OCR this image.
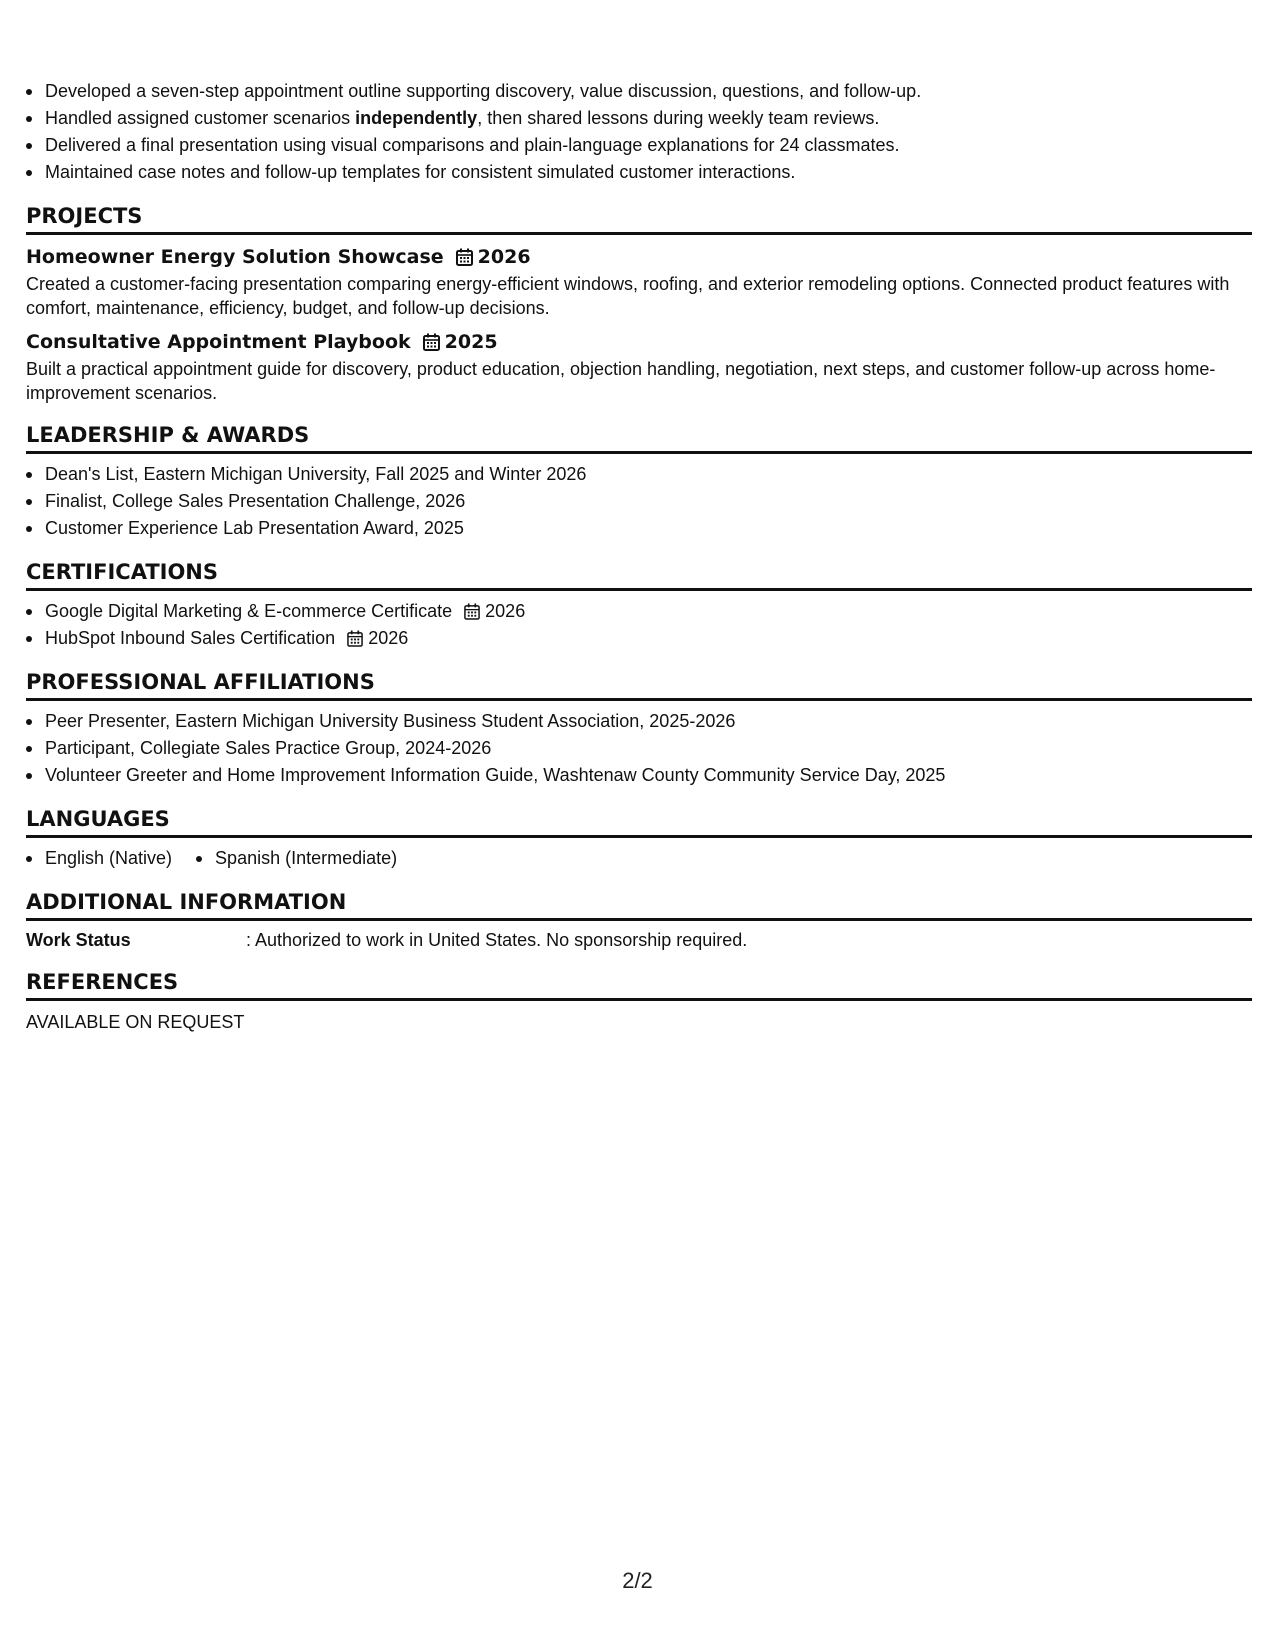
Developed a seven-step appointment outline supporting discovery, value discussion, questions, and follow-up.
Handled assigned customer scenarios independently, then shared lessons during weekly team reviews.
Delivered a final presentation using visual comparisons and plain-language explanations for 24 classmates.
Maintained case notes and follow-up templates for consistent simulated customer interactions.
PROJECTS
Homeowner Energy Solution Showcase 2026

Created a customer-facing presentation comparing energy-efficient windows, roofing, and exterior remodeling options. Connected product features with comfort, maintenance, efficiency, budget, and follow-up decisions.

Consultative Appointment Playbook 2025

Built a practical appointment guide for discovery, product education, objection handling, negotiation, next steps, and customer follow-up across home-improvement scenarios.

LEADERSHIP & AWARDS
Dean's List, Eastern Michigan University, Fall 2025 and Winter 2026
Finalist, College Sales Presentation Challenge, 2026
Customer Experience Lab Presentation Award, 2025
CERTIFICATIONS
Google Digital Marketing & E-commerce Certificate 2026
HubSpot Inbound Sales Certification 2026
PROFESSIONAL AFFILIATIONS
Peer Presenter, Eastern Michigan University Business Student Association, 2025-2026
Participant, Collegiate Sales Practice Group, 2024-2026
Volunteer Greeter and Home Improvement Information Guide, Washtenaw County Community Service Day, 2025
LANGUAGES
English (Native)	Spanish (Intermediate)
ADDITIONAL INFORMATION
Work Status	: Authorized to work in United States. No sponsorship required.
REFERENCES

AVAILABLE ON REQUEST

2/2
